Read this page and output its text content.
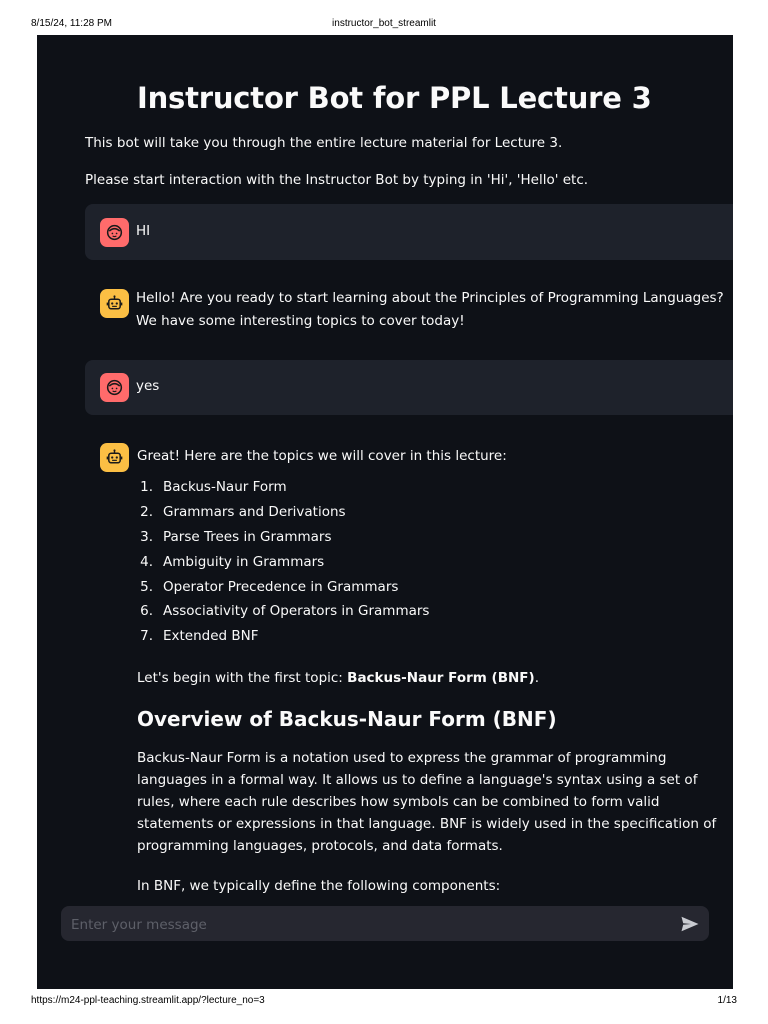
8/15/24, 11:28 PM	instructor_bot_streamlit
Instructor Bot for PPL Lecture 3

This bot will take you through the entire lecture material for Lecture 3.

Please start interaction with the Instructor Bot by typing in 'Hi', 'Hello' etc.

HI

Hello! Are you ready to start learning about the Principles of Programming Languages? We have some interesting topics to cover today!

yes

Great! Here are the topics we will cover in this lecture:

1. Backus-Naur Form
2. Grammars and Derivations
3. Parse Trees in Grammars
4. Ambiguity in Grammars
5. Operator Precedence in Grammars
6. Associativity of Operators in Grammars
7. Extended BNF

Let's begin with the first topic: Backus-Naur Form (BNF).

Overview of Backus-Naur Form (BNF)

Backus-Naur Form is a notation used to express the grammar of programming languages in a formal way. It allows us to define a language's syntax using a set of rules, where each rule describes how symbols can be combined to form valid statements or expressions in that language. BNF is widely used in the specification of programming languages, protocols, and data formats.

In BNF, we typically define the following components:

Enter your message
https://m24-ppl-teaching.streamlit.app/?lecture_no=3	1/13
